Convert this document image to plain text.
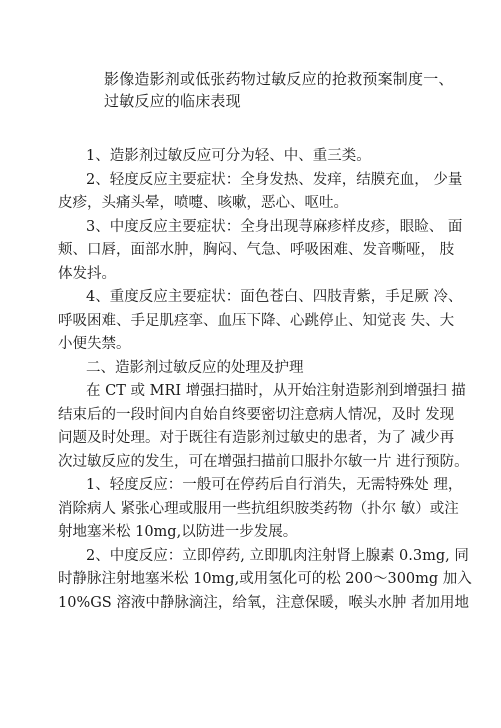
影像造影剂或低张药物过敏反应的抢救预案制度一、
过敏反应的临床表现

1、造影剂过敏反应可分为轻、中、重三类。

2、轻度反应主要症状：全身发热、发痒，结膜充血， 少量
皮疹，头痛头晕，喷嚏、咳嗽，恶心、呕吐。

3、中度反应主要症状：全身出现荨麻疹样皮疹，眼睑、 面
颊、口唇，面部水肿，胸闷、气急、呼吸困难、发音嘶哑， 肢
体发抖。

4、重度反应主要症状：面色苍白、四肢青紫，手足厥 冷、
呼吸困难、手足肌痉挛、血压下降、心跳停止、知觉丧 失、大
小便失禁。

二、造影剂过敏反应的处理及护理

在 CT 或 MRI 增强扫描时，从开始注射造影剂到增强扫 描
结束后的一段时间内自始自终要密切注意病人情况，及时 发现
问题及时处理。对于既往有造影剂过敏史的患者，为了 减少再
次过敏反应的发生，可在增强扫描前口服扑尔敏一片 进行预防。

1、轻度反应：一般可在停药后自行消失，无需特殊处 理，
消除病人 紧张心理或服用一些抗组织胺类药物（扑尔 敏）或注
射地塞米松 10mg,以防进一步发展。

2、中度反应：立即停药, 立即肌肉注射肾上腺素 0.3mg, 同
时静脉注射地塞米松 10mg,或用氢化可的松 200〜300mg 加入
10%GS 溶液中静脉滴注，给氧，注意保暖，喉头水肿 者加用地
